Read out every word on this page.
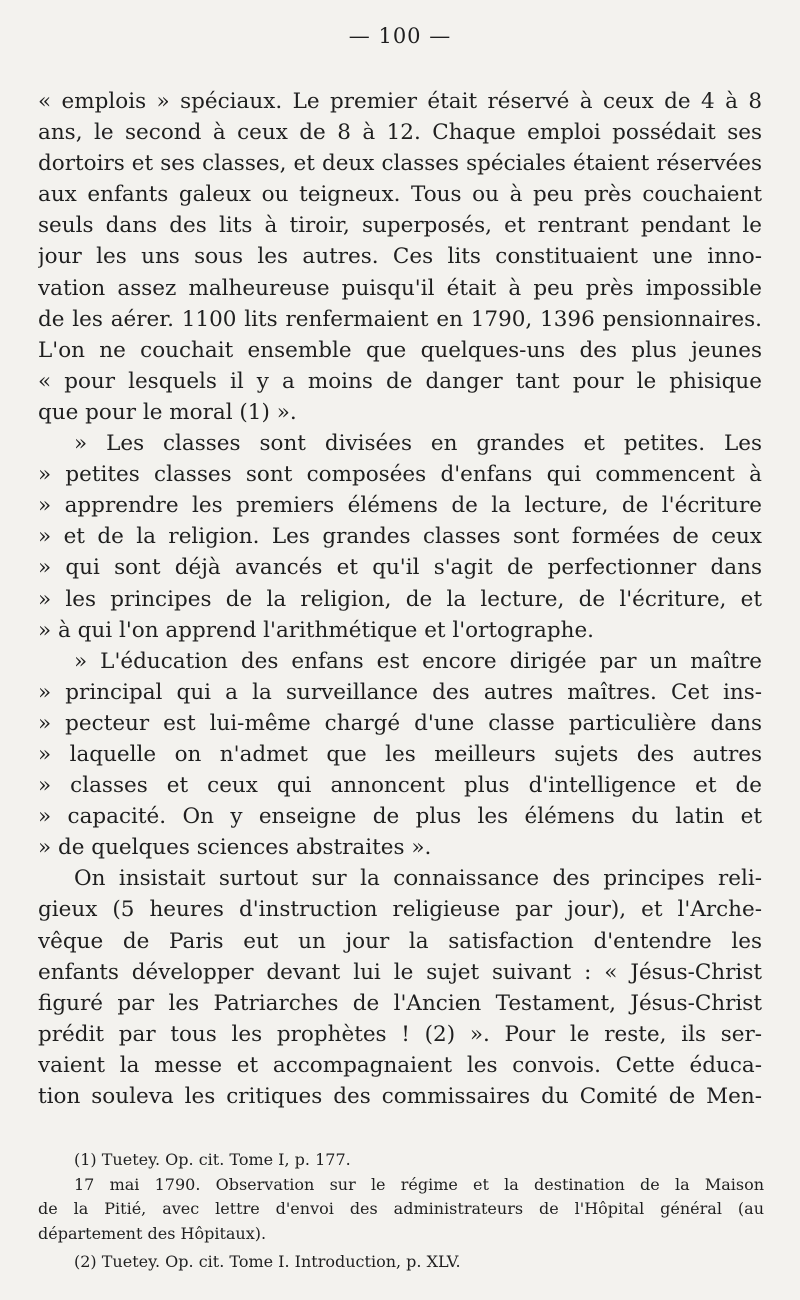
— 100 —
« emplois » spéciaux. Le premier était réservé à ceux de 4 à 8
ans, le second à ceux de 8 à 12. Chaque emploi possédait ses
dortoirs et ses classes, et deux classes spéciales étaient réservées
aux enfants galeux ou teigneux. Tous ou à peu près couchaient
seuls dans des lits à tiroir, superposés, et rentrant pendant le
jour les uns sous les autres. Ces lits constituaient une inno-
vation assez malheureuse puisqu'il était à peu près impossible
de les aérer. 1100 lits renfermaient en 1790, 1396 pensionnaires.
L'on ne couchait ensemble que quelques-uns des plus jeunes
« pour lesquels il y a moins de danger tant pour le phisique
que pour le moral (1) ».
» Les classes sont divisées en grandes et petites. Les
» petites classes sont composées d'enfans qui commencent à
» apprendre les premiers élémens de la lecture, de l'écriture
» et de la religion. Les grandes classes sont formées de ceux
» qui sont déjà avancés et qu'il s'agit de perfectionner dans
» les principes de la religion, de la lecture, de l'écriture, et
» à qui l'on apprend l'arithmétique et l'ortographe.
» L'éducation des enfans est encore dirigée par un maître
» principal qui a la surveillance des autres maîtres. Cet ins-
» pecteur est lui-même chargé d'une classe particulière dans
» laquelle on n'admet que les meilleurs sujets des autres
» classes et ceux qui annoncent plus d'intelligence et de
» capacité. On y enseigne de plus les élémens du latin et
» de quelques sciences abstraites ».
On insistait surtout sur la connaissance des principes reli-
gieux (5 heures d'instruction religieuse par jour), et l'Arche-
vêque de Paris eut un jour la satisfaction d'entendre les
enfants développer devant lui le sujet suivant : « Jésus-Christ
figuré par les Patriarches de l'Ancien Testament, Jésus-Christ
prédit par tous les prophètes ! (2) ». Pour le reste, ils ser-
vaient la messe et accompagnaient les convois. Cette éduca-
tion souleva les critiques des commissaires du Comité de Men-
(1) Tuetey. Op. cit. Tome I, p. 177.
17 mai 1790. Observation sur le régime et la destination de la Maison
de la Pitié, avec lettre d'envoi des administrateurs de l'Hôpital général (au
département des Hôpitaux).
(2) Tuetey. Op. cit. Tome I. Introduction, p. XLV.
